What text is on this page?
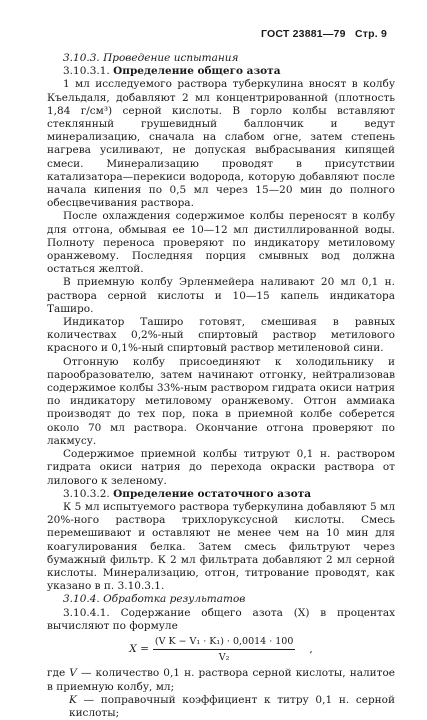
ГОСТ 23881—79 Стр. 9

3.10.3. Проведение испытания

3.10.3.1. Определение общего азота

1 мл исследуемого раствора туберкулина вносят в колбу Къельдаля, добавляют 2 мл концентрированной (плотность 1,84 г/см³) серной кислоты. В горло колбы вставляют стеклянный грушевидный баллончик и ведут минерализацию, сначала на слабом огне, затем степень нагрева усиливают, не допуская выбрасывания кипящей смеси. Минерализацию проводят в присутствии катализатора—перекиси водорода, которую добавляют после начала кипения по 0,5 мл через 15—20 мин до полного обесцвечивания раствора.

После охлаждения содержимое колбы переносят в колбу для отгона, обмывая ее 10—12 мл дистиллированной воды. Полноту переноса проверяют по индикатору метиловому оранжевому. Последняя порция смывных вод должна остаться желтой.

В приемную колбу Эрленмейера наливают 20 мл 0,1 н. раствора серной кислоты и 10—15 капель индикатора Таширо.

Индикатор Таширо готовят, смешивая в равных количествах 0,2%-ный спиртовый раствор метилового красного и 0,1%-ный спиртовый раствор метиленовой сини.

Отгонную колбу присоединяют к холодильнику и парообразователю, затем начинают отгонку, нейтрализовав содержимое колбы 33%-ным раствором гидрата окиси натрия по индикатору метиловому оранжевому. Отгон аммиака производят до тех пор, пока в приемной колбе соберется около 70 мл раствора. Окончание отгона проверяют по лакмусу.

Содержимое приемной колбы титруют 0,1 н. раствором гидрата окиси натрия до перехода окраски раствора от лилового к зеленому.

3.10.3.2. Определение остаточного азота

К 5 мл испытуемого раствора туберкулина добавляют 5 мл 20%-ного раствора трихлоруксусной кислоты. Смесь перемешивают и оставляют не менее чем на 10 мин для коагулирования белка. Затем смесь фильтруют через бумажный фильтр. К 2 мл фильтрата добавляют 2 мл серной кислоты. Минерализацию, отгон, титрование проводят, как указано в п. 3.10.3.1.

3.10.4. Обработка результатов

3.10.4.1. Содержание общего азота (X) в процентах вычисляют по формуле

$X = \frac{\text{(V K − V₁ · K₁) · 0,0014 · 100}}{\text{V₂}}$ ,

где V — количество 0,1 н. раствора серной кислоты, налитое в приемную колбу, мл;

K — поправочный коэффициент к титру 0,1 н. серной кислоты;
